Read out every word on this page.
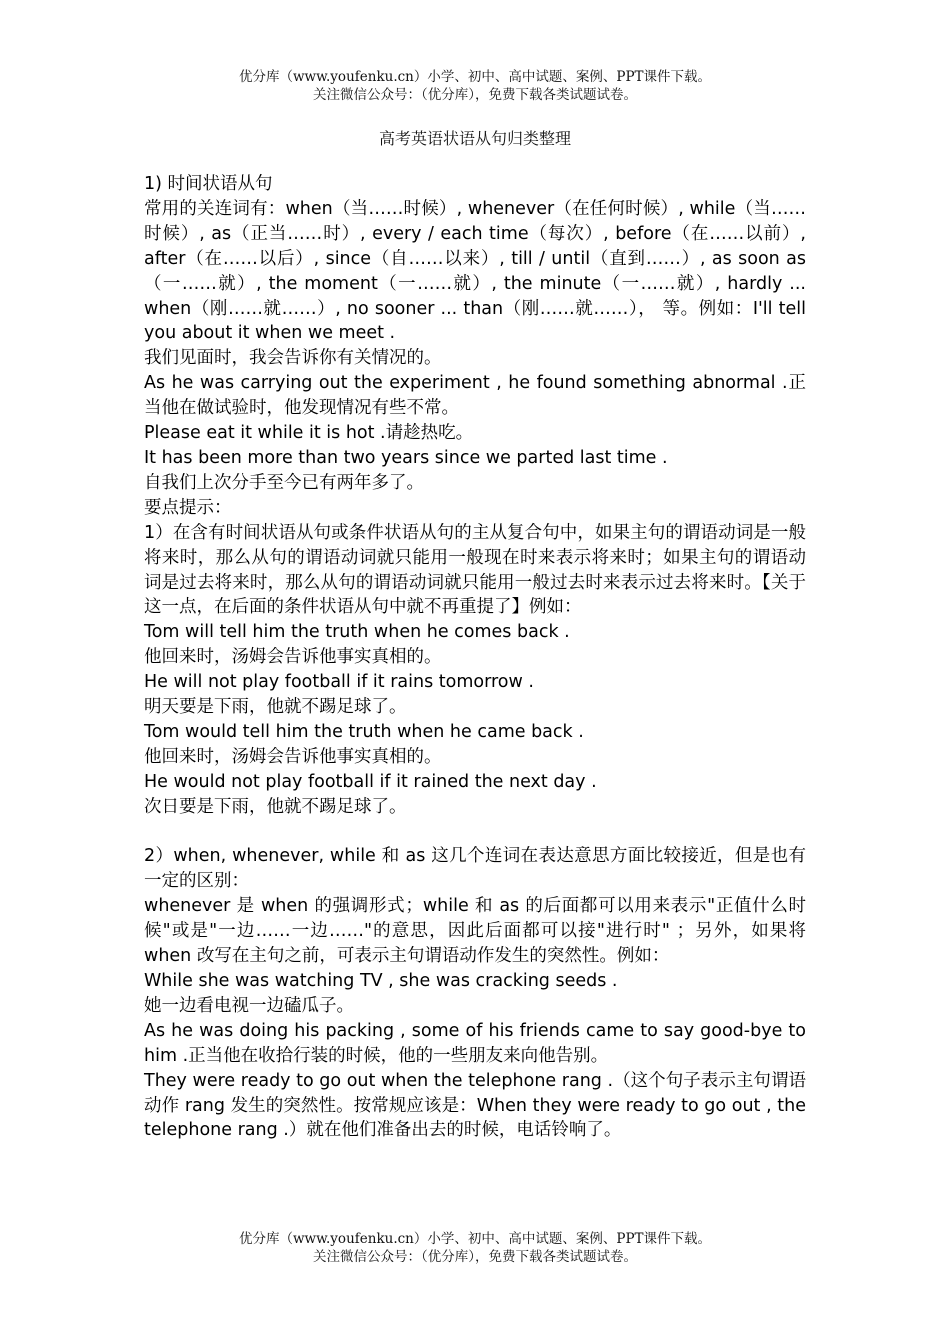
优分库（www.youfenku.cn）小学、初中、高中试题、案例、PPT课件下载。
关注微信公众号：（优分库），免费下载各类试题试卷。
高考英语状语从句归类整理

1) 时间状语从句

常用的关连词有：when（当……时候）, whenever（在任何时候）, while（当……时候）, as（正当……时）, every / each time（每次）, before（在……以前）, after（在……以后）, since（自……以来）, till / until（直到……）, as soon as（一……就）, the moment（一……就）, the minute（一……就）, hardly ... when（刚……就……）, no sooner ... than（刚……就……）， 等。例如：I'll tell you about it when we meet .

我们见面时，我会告诉你有关情况的。

As he was carrying out the experiment , he found something abnormal .正当他在做试验时，他发现情况有些不常。

Please eat it while it is hot .请趁热吃。

It has been more than two years since we parted last time .

自我们上次分手至今已有两年多了。

要点提示：

1）在含有时间状语从句或条件状语从句的主从复合句中，如果主句的谓语动词是一般将来时，那么从句的谓语动词就只能用一般现在时来表示将来时；如果主句的谓语动词是过去将来时，那么从句的谓语动词就只能用一般过去时来表示过去将来时。【关于这一点，在后面的条件状语从句中就不再重提了】例如：

Tom will tell him the truth when he comes back .

他回来时，汤姆会告诉他事实真相的。

He will not play football if it rains tomorrow .

明天要是下雨，他就不踢足球了。

Tom would tell him the truth when he came back .

他回来时，汤姆会告诉他事实真相的。

He would not play football if it rained the next day .

次日要是下雨，他就不踢足球了。

2）when, whenever, while 和 as 这几个连词在表达意思方面比较接近，但是也有一定的区别：

whenever 是 when 的强调形式；while 和 as 的后面都可以用来表示"正值什么时候"或是"一边……一边……"的意思，因此后面都可以接"进行时" ；另外，如果将 when 改写在主句之前，可表示主句谓语动作发生的突然性。例如：

While she was watching TV , she was cracking seeds .

她一边看电视一边磕瓜子。

As he was doing his packing , some of his friends came to say good-bye to him .正当他在收拾行装的时候，他的一些朋友来向他告别。

They were ready to go out when the telephone rang .（这个句子表示主句谓语动作 rang 发生的突然性。按常规应该是：When they were ready to go out , the telephone rang .）就在他们准备出去的时候，电话铃响了。

优分库（www.youfenku.cn）小学、初中、高中试题、案例、PPT课件下载。
关注微信公众号：（优分库），免费下载各类试题试卷。
